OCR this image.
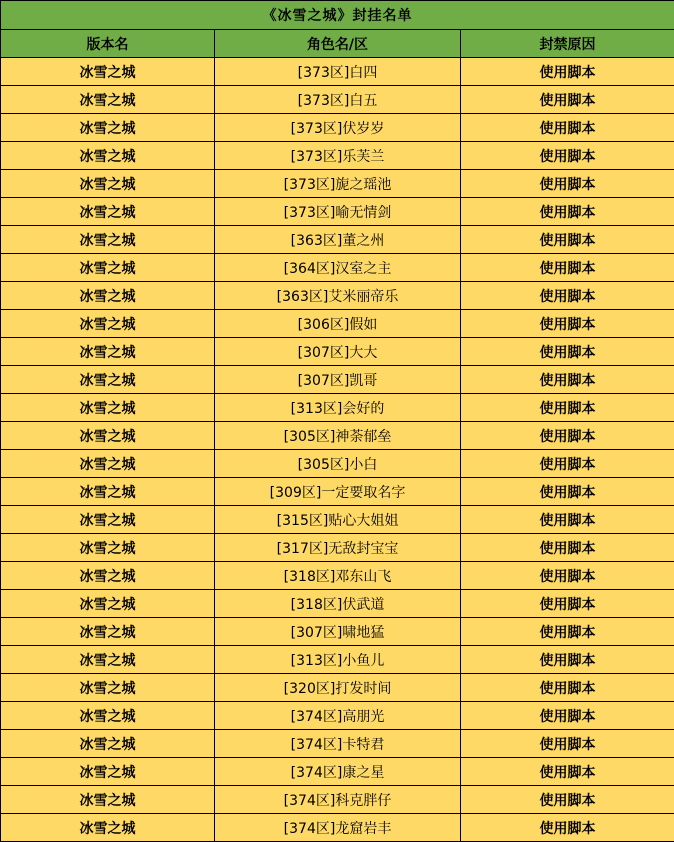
《冰雪之城》封挂名单		
版本名	角色名/区	封禁原因
冰雪之城	[373区]白四	使用脚本
冰雪之城	[373区]白五	使用脚本
冰雪之城	[373区]伏岁岁	使用脚本
冰雪之城	[373区]乐芙兰	使用脚本
冰雪之城	[373区]旎之瑶池	使用脚本
冰雪之城	[373区]喻无情剑	使用脚本
冰雪之城	[363区]董之州	使用脚本
冰雪之城	[364区]汉室之主	使用脚本
冰雪之城	[363区]艾米丽帝乐	使用脚本
冰雪之城	[306区]假如	使用脚本
冰雪之城	[307区]大大	使用脚本
冰雪之城	[307区]凯哥	使用脚本
冰雪之城	[313区]会好的	使用脚本
冰雪之城	[305区]神荼郁垒	使用脚本
冰雪之城	[305区]小白	使用脚本
冰雪之城	[309区]一定要取名字	使用脚本
冰雪之城	[315区]贴心大姐姐	使用脚本
冰雪之城	[317区]无敌封宝宝	使用脚本
冰雪之城	[318区]邓东山飞	使用脚本
冰雪之城	[318区]伏武道	使用脚本
冰雪之城	[307区]啸地猛	使用脚本
冰雪之城	[313区]小鱼儿	使用脚本
冰雪之城	[320区]打发时间	使用脚本
冰雪之城	[374区]高朋光	使用脚本
冰雪之城	[374区]卡特君	使用脚本
冰雪之城	[374区]康之星	使用脚本
冰雪之城	[374区]科克胖仔	使用脚本
冰雪之城	[374区]龙窟岩丰	使用脚本
